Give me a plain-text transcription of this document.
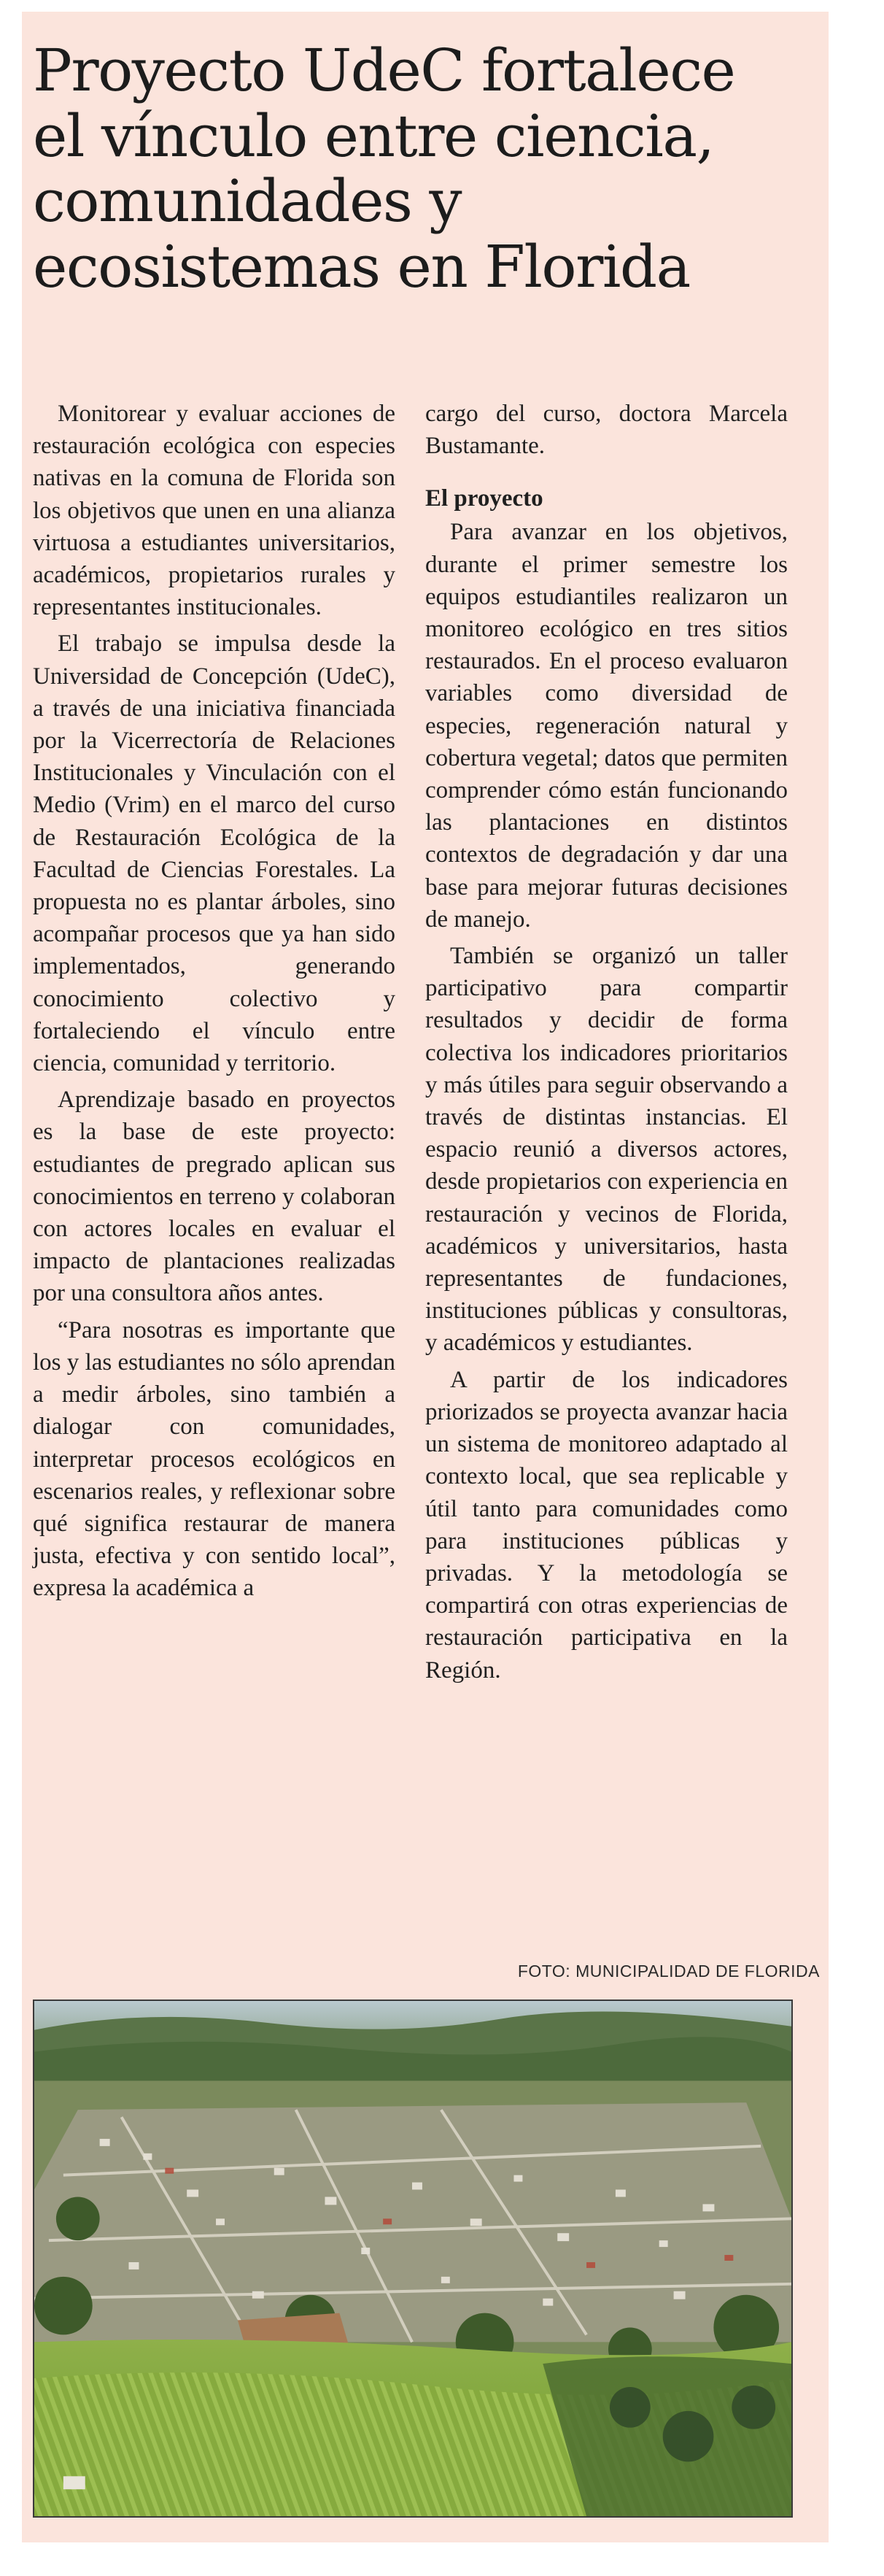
Proyecto UdeC fortalece el vínculo entre ciencia, comunidades y ecosistemas en Florida

Monitorear y evaluar acciones de restauración ecológica con especies nativas en la comuna de Florida son los objetivos que unen en una alianza virtuosa a estudiantes universitarios, académicos, propietarios rurales y representantes institucionales.

El trabajo se impulsa desde la Universidad de Concepción (UdeC), a través de una iniciativa financiada por la Vicerrectoría de Relaciones Institucionales y Vinculación con el Medio (Vrim) en el marco del curso de Restauración Ecológica de la Facultad de Ciencias Forestales. La propuesta no es plantar árboles, sino acompañar procesos que ya han sido implementados, generando conocimiento colectivo y fortaleciendo el vínculo entre ciencia, comunidad y territorio.

Aprendizaje basado en proyectos es la base de este proyecto: estudiantes de pregrado aplican sus conocimientos en terreno y colaboran con actores locales en evaluar el impacto de plantaciones realizadas por una consultora años antes.

“Para nosotras es importante que los y las estudiantes no sólo aprendan a medir árboles, sino también a dialogar con comunidades, interpretar procesos ecológicos en escenarios reales, y reflexionar sobre qué significa restaurar de manera justa, efectiva y con sentido local”, expresa la académica a

cargo del curso, doctora Marcela Bustamante.

El proyecto

Para avanzar en los objetivos, durante el primer semestre los equipos estudiantiles realizaron un monitoreo ecológico en tres sitios restaurados. En el proceso evaluaron variables como diversidad de especies, regeneración natural y cobertura vegetal; datos que permiten comprender cómo están funcionando las plantaciones en distintos contextos de degradación y dar una base para mejorar futuras decisiones de manejo.

También se organizó un taller participativo para compartir resultados y decidir de forma colectiva los indicadores prioritarios y más útiles para seguir observando a través de distintas instancias. El espacio reunió a diversos actores, desde propietarios con experiencia en restauración y vecinos de Florida, académicos y universitarios, hasta representantes de fundaciones, instituciones públicas y consultoras, y académicos y estudiantes.

A partir de los indicadores priorizados se proyecta avanzar hacia un sistema de monitoreo adaptado al contexto local, que sea replicable y útil tanto para comunidades como para instituciones públicas y privadas. Y la metodología se compartirá con otras experiencias de restauración participativa en la Región.

FOTO: MUNICIPALIDAD DE FLORIDA
